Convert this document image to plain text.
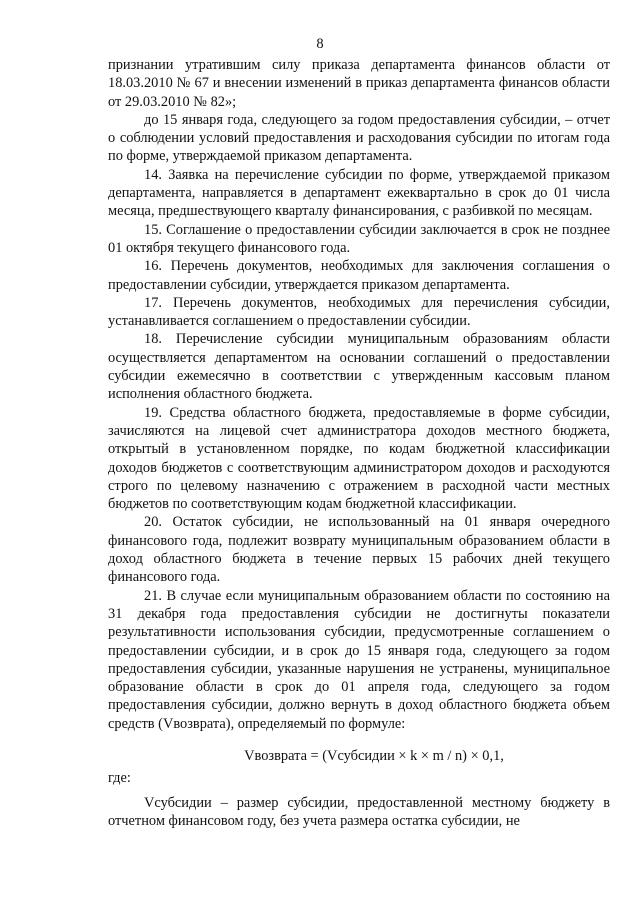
8

признании утратившим силу приказа департамента финансов области от 18.03.2010 № 67 и внесении изменений в приказ департамента финансов области от 29.03.2010 № 82»;

до 15 января года, следующего за годом предоставления субсидии, – отчет о соблюдении условий предоставления и расходования субсидии по итогам года по форме, утверждаемой приказом департамента.

14. Заявка на перечисление субсидии по форме, утверждаемой приказом департамента, направляется в департамент ежеквартально в срок до 01 числа месяца, предшествующего кварталу финансирования, с разбивкой по месяцам.

15. Соглашение о предоставлении субсидии заключается в срок не позднее 01 октября текущего финансового года.

16. Перечень документов, необходимых для заключения соглашения о предоставлении субсидии, утверждается приказом департамента.

17. Перечень документов, необходимых для перечисления субсидии, устанавливается соглашением о предоставлении субсидии.

18. Перечисление субсидии муниципальным образованиям области осуществляется департаментом на основании соглашений о предоставлении субсидии ежемесячно в соответствии с утвержденным кассовым планом исполнения областного бюджета.

19. Средства областного бюджета, предоставляемые в форме субсидии, зачисляются на лицевой счет администратора доходов местного бюджета, открытый в установленном порядке, по кодам бюджетной классификации доходов бюджетов с соответствующим администратором доходов и расходуются строго по целевому назначению с отражением в расходной части местных бюджетов по соответствующим кодам бюджетной классификации.

20. Остаток субсидии, не использованный на 01 января очередного финансового года, подлежит возврату муниципальным образованием области в доход областного бюджета в течение первых 15 рабочих дней текущего финансового года.

21. В случае если муниципальным образованием области по состоянию на 31 декабря года предоставления субсидии не достигнуты показатели результативности использования субсидии, предусмотренные соглашением о предоставлении субсидии, и в срок до 15 января года, следующего за годом предоставления субсидии, указанные нарушения не устранены, муниципальное образование области в срок до 01 апреля года, следующего за годом предоставления субсидии, должно вернуть в доход областного бюджета объем средств (Vвозврата), определяемый по формуле:

Vвозврата = (Vсубсидии × k × m / n) × 0,1,

где:

Vсубсидии – размер субсидии, предоставленной местному бюджету в отчетном финансовом году, без учета размера остатка субсидии, не
